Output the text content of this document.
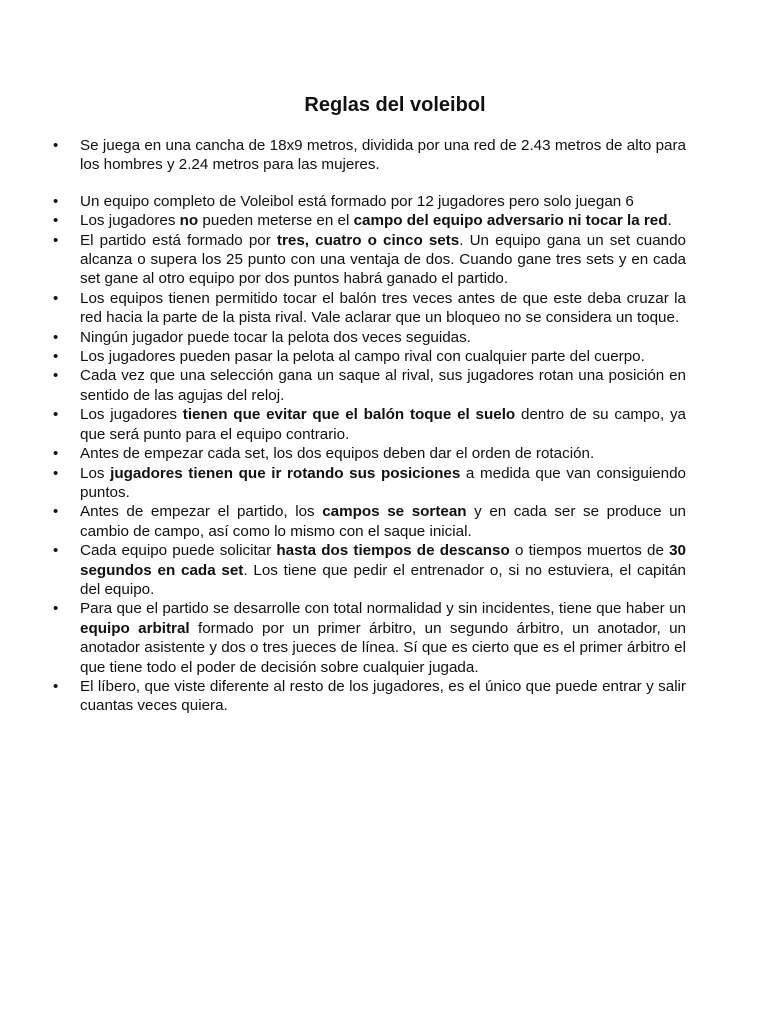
Reglas del voleibol
•	Se juega en una cancha de 18x9 metros, dividida por una red de 2.43 metros de alto para los hombres y 2.24 metros para las mujeres.
•	Un equipo completo de Voleibol está formado por 12 jugadores pero solo juegan 6
•	Los jugadores no pueden meterse en el campo del equipo adversario ni tocar la red.
•	El partido está formado por tres, cuatro o cinco sets. Un equipo gana un set cuando alcanza o supera los 25 punto con una ventaja de dos. Cuando gane tres sets y en cada set gane al otro equipo por dos puntos habrá ganado el partido.
•	Los equipos tienen permitido tocar el balón tres veces antes de que este deba cruzar la red hacia la parte de la pista rival. Vale aclarar que un bloqueo no se considera un toque.
•	Ningún jugador puede tocar la pelota dos veces seguidas.
•	Los jugadores pueden pasar la pelota al campo rival con cualquier parte del cuerpo.
•	Cada vez que una selección gana un saque al rival, sus jugadores rotan una posición en sentido de las agujas del reloj.
•	Los jugadores tienen que evitar que el balón toque el suelo dentro de su campo, ya que será punto para el equipo contrario.
•	Antes de empezar cada set, los dos equipos deben dar el orden de rotación.
•	Los jugadores tienen que ir rotando sus posiciones a medida que van consiguiendo puntos.
•	Antes de empezar el partido, los campos se sortean y en cada ser se produce un cambio de campo, así como lo mismo con el saque inicial.
•	Cada equipo puede solicitar hasta dos tiempos de descanso o tiempos muertos de 30 segundos en cada set. Los tiene que pedir el entrenador o, si no estuviera, el capitán del equipo.
•	Para que el partido se desarrolle con total normalidad y sin incidentes, tiene que haber un equipo arbitral formado por un primer árbitro, un segundo árbitro, un anotador, un anotador asistente y dos o tres jueces de línea. Sí que es cierto que es el primer árbitro el que tiene todo el poder de decisión sobre cualquier jugada.
•	El líbero, que viste diferente al resto de los jugadores, es el único que puede entrar y salir cuantas veces quiera.
